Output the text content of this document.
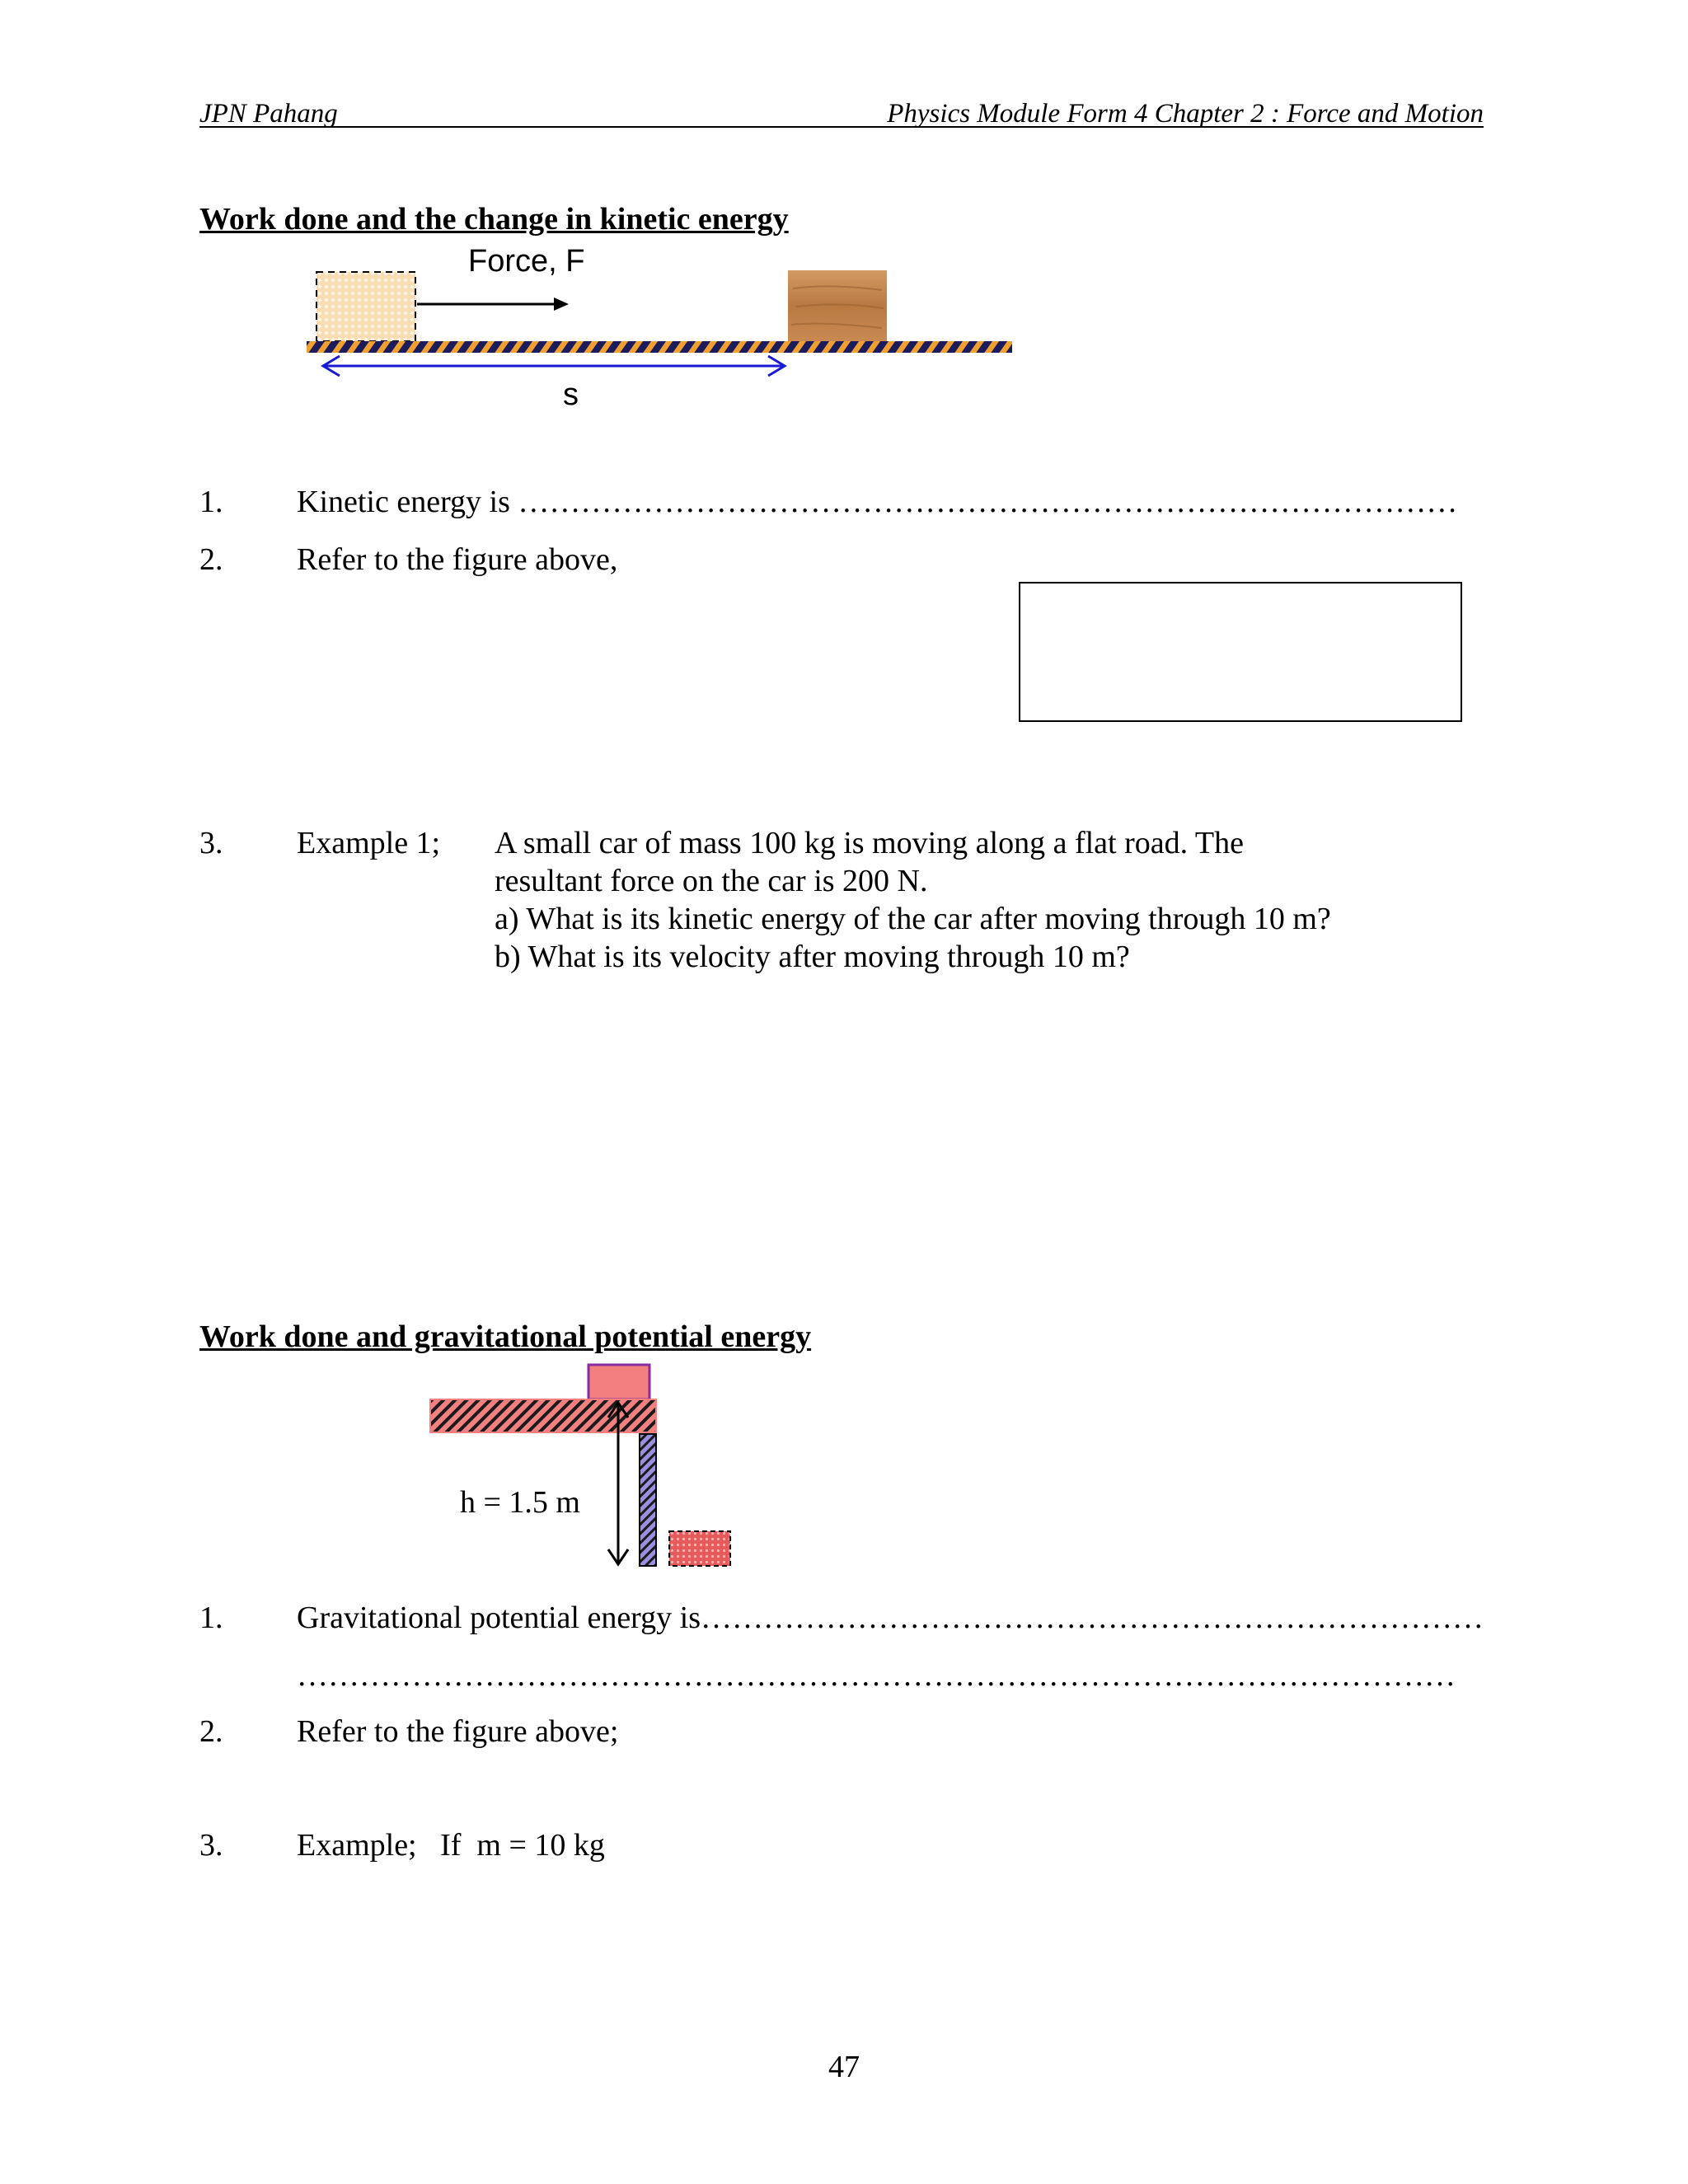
JPN Pahang	Physics Module Form 4 Chapter 2 : Force and Motion
Work done and the change in kinetic energy
Force, F
s
1. Kinetic energy is ………………………………………………………………………………
2. Refer to the figure above,
3. Example 1; A small car of mass 100 kg is moving along a flat road. The
resultant force on the car is 200 N.
a) What is its kinetic energy of the car after moving through 10 m?
b) What is its velocity after moving through 10 m?
Work done and gravitational potential energy
h = 1.5 m
1. Gravitational potential energy is…………………………………………………………………
…………………………………………………………………………………………………
2. Refer to the figure above;
3. Example;   If  m = 10 kg
47
